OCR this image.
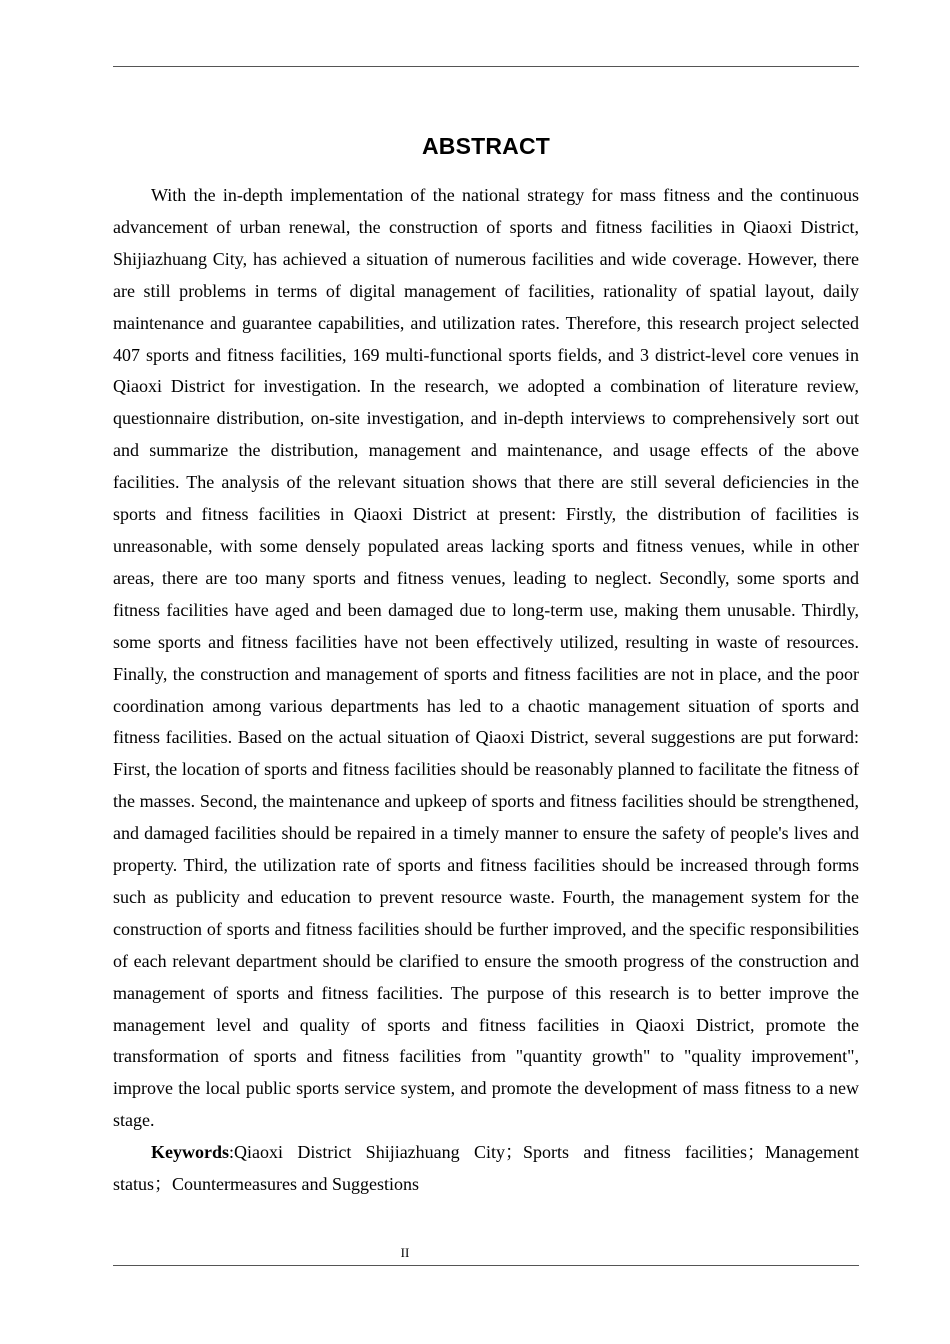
ABSTRACT

With the in-depth implementation of the national strategy for mass fitness and the continuous advancement of urban renewal, the construction of sports and fitness facilities in Qiaoxi District, Shijiazhuang City, has achieved a situation of numerous facilities and wide coverage. However, there are still problems in terms of digital management of facilities, rationality of spatial layout, daily maintenance and guarantee capabilities, and utilization rates. Therefore, this research project selected 407 sports and fitness facilities, 169 multi-functional sports fields, and 3 district-level core venues in Qiaoxi District for investigation. In the research, we adopted a combination of literature review, questionnaire distribution, on-site investigation, and in-depth interviews to comprehensively sort out and summarize the distribution, management and maintenance, and usage effects of the above facilities. The analysis of the relevant situation shows that there are still several deficiencies in the sports and fitness facilities in Qiaoxi District at present: Firstly, the distribution of facilities is unreasonable, with some densely populated areas lacking sports and fitness venues, while in other areas, there are too many sports and fitness venues, leading to neglect. Secondly, some sports and fitness facilities have aged and been damaged due to long-term use, making them unusable. Thirdly, some sports and fitness facilities have not been effectively utilized, resulting in waste of resources. Finally, the construction and management of sports and fitness facilities are not in place, and the poor coordination among various departments has led to a chaotic management situation of sports and fitness facilities. Based on the actual situation of Qiaoxi District, several suggestions are put forward: First, the location of sports and fitness facilities should be reasonably planned to facilitate the fitness of the masses. Second, the maintenance and upkeep of sports and fitness facilities should be strengthened, and damaged facilities should be repaired in a timely manner to ensure the safety of people's lives and property. Third, the utilization rate of sports and fitness facilities should be increased through forms such as publicity and education to prevent resource waste. Fourth, the management system for the construction of sports and fitness facilities should be further improved, and the specific responsibilities of each relevant department should be clarified to ensure the smooth progress of the construction and management of sports and fitness facilities. The purpose of this research is to better improve the management level and quality of sports and fitness facilities in Qiaoxi District, promote the transformation of sports and fitness facilities from "quantity growth" to "quality improvement", improve the local public sports service system, and promote the development of mass fitness to a new stage.

Keywords:Qiaoxi District Shijiazhuang City；Sports and fitness facilities；Management status；Countermeasures and Suggestions

II
